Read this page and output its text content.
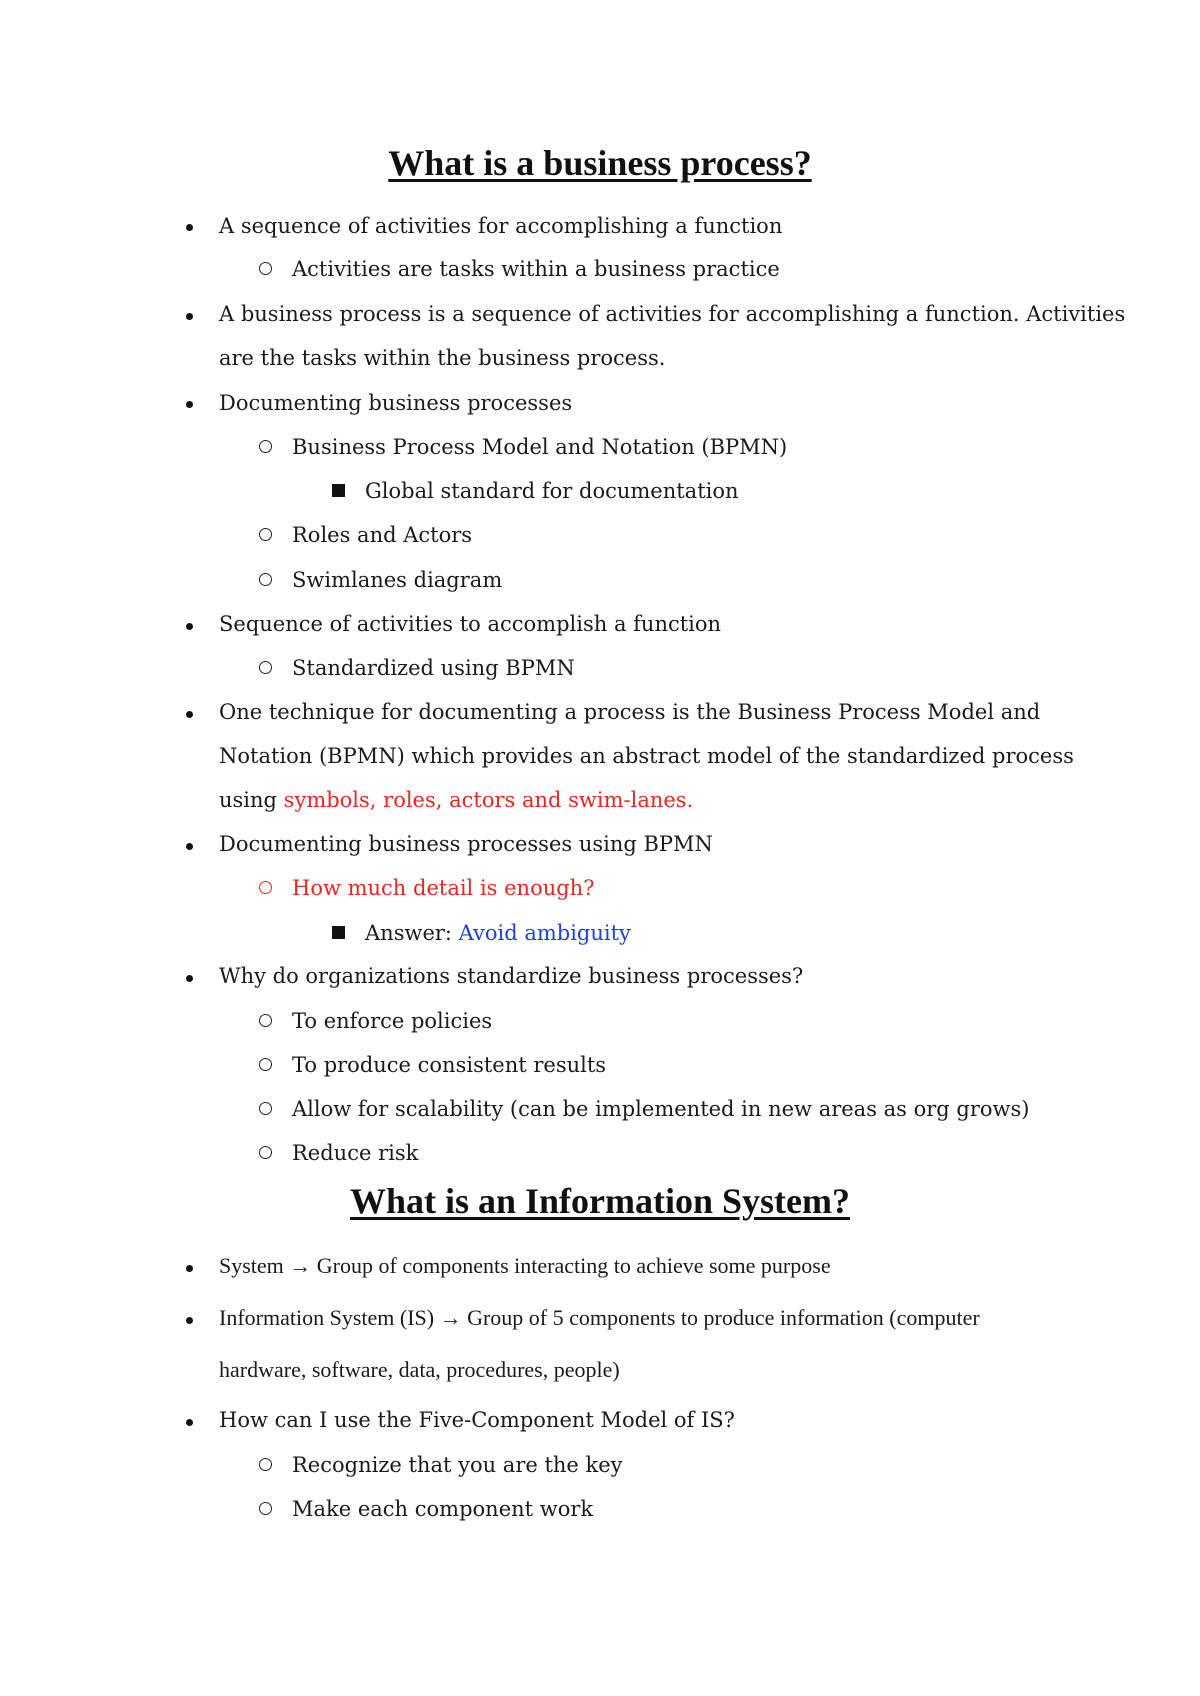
What is a business process?
A sequence of activities for accomplishing a function
Activities are tasks within a business practice
A business process is a sequence of activities for accomplishing a function. Activities
are the tasks within the business process.
Documenting business processes
Business Process Model and Notation (BPMN)
Global standard for documentation
Roles and Actors
Swimlanes diagram
Sequence of activities to accomplish a function
Standardized using BPMN
One technique for documenting a process is the Business Process Model and
Notation (BPMN) which provides an abstract model of the standardized process
using symbols, roles, actors and swim-lanes.
Documenting business processes using BPMN
How much detail is enough?
Answer: Avoid ambiguity
Why do organizations standardize business processes?
To enforce policies
To produce consistent results
Allow for scalability (can be implemented in new areas as org grows)
Reduce risk
What is an Information System?
System → Group of components interacting to achieve some purpose
Information System (IS) → Group of 5 components to produce information (computer
hardware, software, data, procedures, people)
How can I use the Five-Component Model of IS?
Recognize that you are the key
Make each component work
